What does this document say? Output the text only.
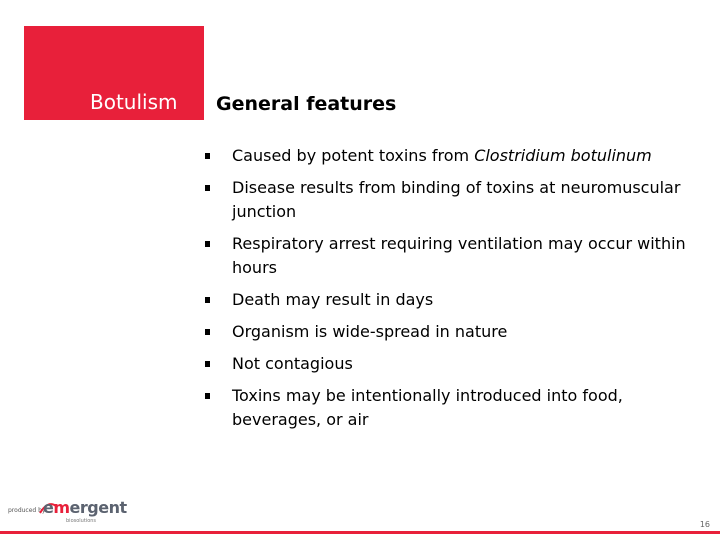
Botulism General features
Caused by potent toxins from Clostridium botulinum
Disease results from binding of toxins at neuromuscular junction
Respiratory arrest requiring ventilation may occur within hours
Death may result in days
Organism is wide-spread in nature
Not contagious
Toxins may be intentionally introduced into food, beverages, or air
produced by
emergent
biosolutions	16
